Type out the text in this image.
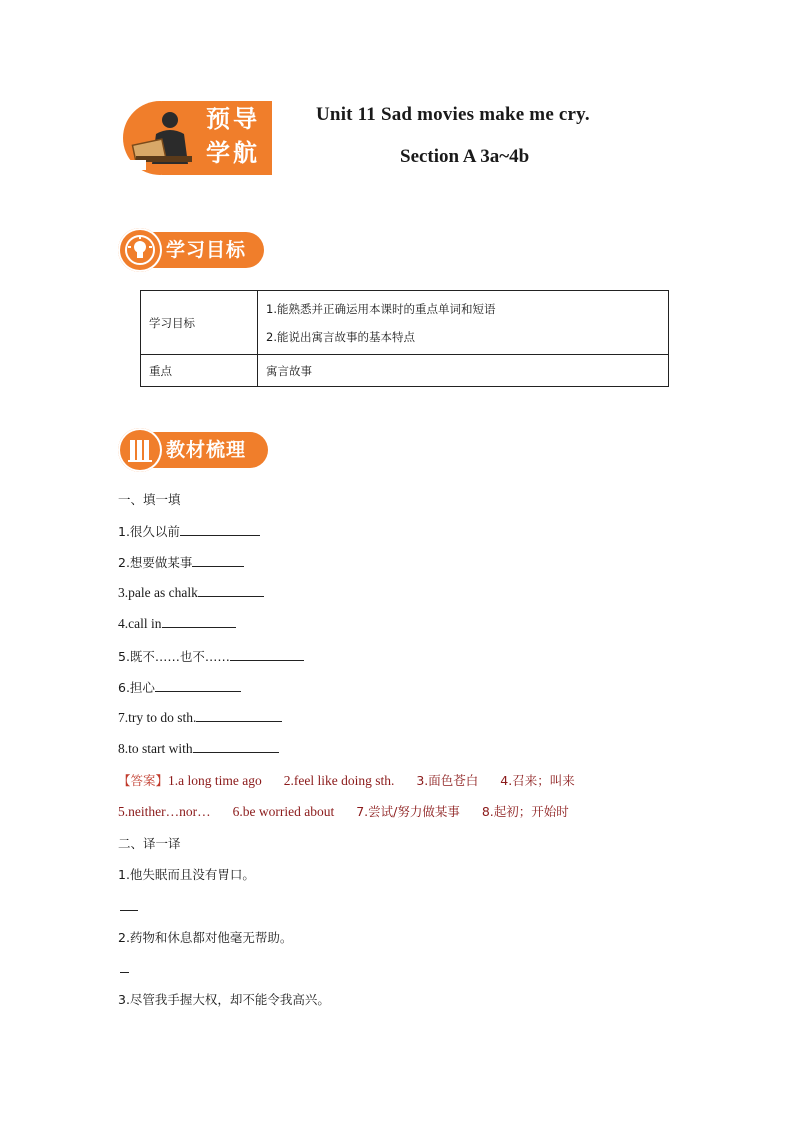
预导
学航
Unit 11 Sad movies make me cry.
Section A 3a~4b
学习目标
学习目标	1.能熟悉并正确运用本课时的重点单词和短语
2.能说出寓言故事的基本特点

重点	寓言故事
教材梳理
一、填一填
1.很久以前
2.想要做某事
3.pale as chalk
4.call in
5.既不……也不……
6.担心
7.try to do sth.
8.to start with
【答案】1.a long time ago 2.feel like doing sth. 3.面色苍白 4.召来；叫来
5.neither…nor… 6.be worried about 7.尝试/努力做某事 8.起初；开始时
二、译一译
1.他失眠而且没有胃口。
2.药物和休息都对他毫无帮助。
3.尽管我手握大权，却不能令我高兴。
